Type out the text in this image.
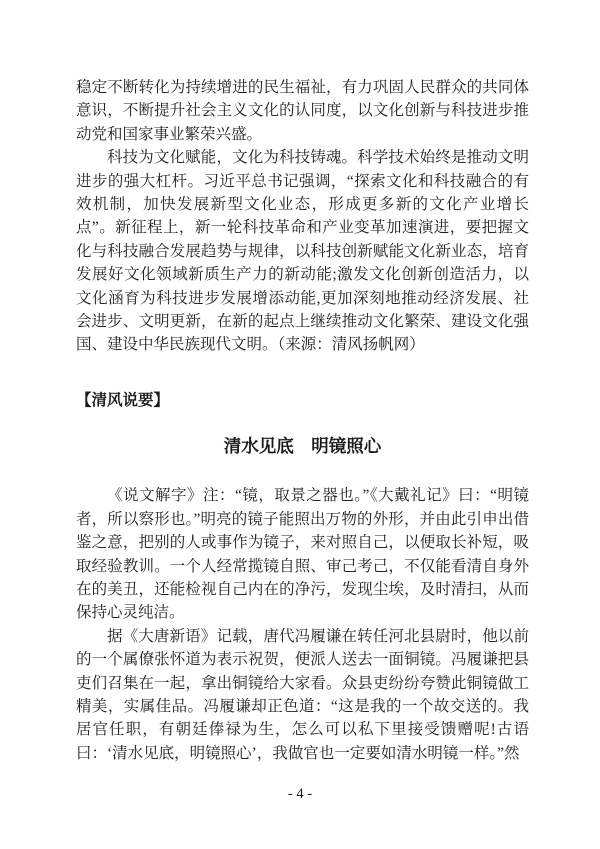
稳定不断转化为持续增进的民生福祉，有力巩固人民群众的共同体意识，不断提升社会主义文化的认同度，以文化创新与科技进步推动党和国家事业繁荣兴盛。

科技为文化赋能，文化为科技铸魂。科学技术始终是推动文明进步的强大杠杆。习近平总书记强调，“探索文化和科技融合的有效机制，加快发展新型文化业态，形成更多新的文化产业增长点”。新征程上，新一轮科技革命和产业变革加速演进，要把握文化与科技融合发展趋势与规律，以科技创新赋能文化新业态，培育发展好文化领域新质生产力的新动能;激发文化创新创造活力，以文化涵育为科技进步发展增添动能,更加深刻地推动经济发展、社会进步、文明更新，在新的起点上继续推动文化繁荣、建设文化强国、建设中华民族现代文明。（来源：清风扬帆网）

【清风说要】
清水见底　明镜照心

《说文解字》注：“镜，取景之器也。”《大戴礼记》曰：“明镜者，所以察形也。”明亮的镜子能照出万物的外形，并由此引申出借鉴之意，把别的人或事作为镜子，来对照自己，以便取长补短，吸取经验教训。一个人经常揽镜自照、审己考己，不仅能看清自身外在的美丑，还能检视自己内在的净污，发现尘埃，及时清扫，从而保持心灵纯洁。

据《大唐新语》记载，唐代冯履谦在转任河北县尉时，他以前的一个属僚张怀道为表示祝贺，便派人送去一面铜镜。冯履谦把县吏们召集在一起，拿出铜镜给大家看。众县吏纷纷夸赞此铜镜做工精美，实属佳品。冯履谦却正色道：“这是我的一个故交送的。我居官任职，有朝廷俸禄为生，怎么可以私下里接受馈赠呢!古语曰：‘清水见底，明镜照心’，我做官也一定要如清水明镜一样。”然

- 4 -
